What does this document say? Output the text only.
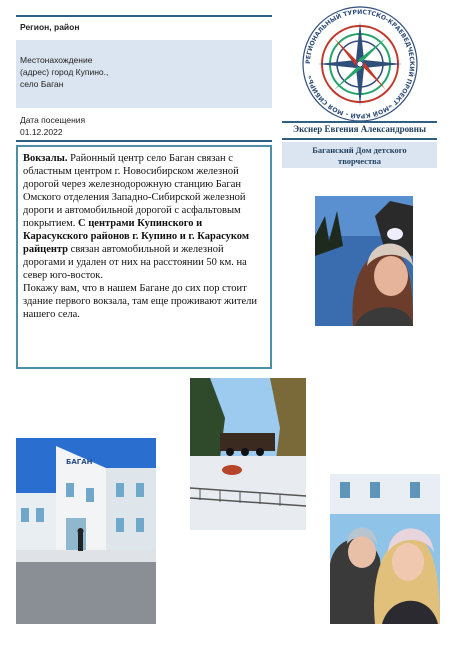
Регион, район
Местонахождение
(адрес) город Купино.,
село Баган
Дата посещения
01.12.2022
РЕГИОНАЛЬНЫЙ ТУРИСТСКО-КРАЕВЕДЧЕСКИЙ ПРОЕКТ «МОЙ КРАЙ - МОЯ СИБИРЬ»
Экснер Евгения Александровны
Баганский Дом детского
творчества
Вокзалы. Районный центр село Баган связан с областным центром г. Новосибирском железной дорогой через железнодорожную станцию Баган Омского отделения Западно-Сибирской железной дороги и автомобильной дорогой с асфальтовым покрытием. С центрами Купинского и Карасукского районов г. Купино и г. Карасуком райцентр связан автомобильной и железной дорогами и удален от них на расстоянии 50 км. на север юго-восток.
Покажу вам, что в нашем Багане до сих пор стоит здание первого вокзала, там еще проживают жители нашего села.
БАГАН
